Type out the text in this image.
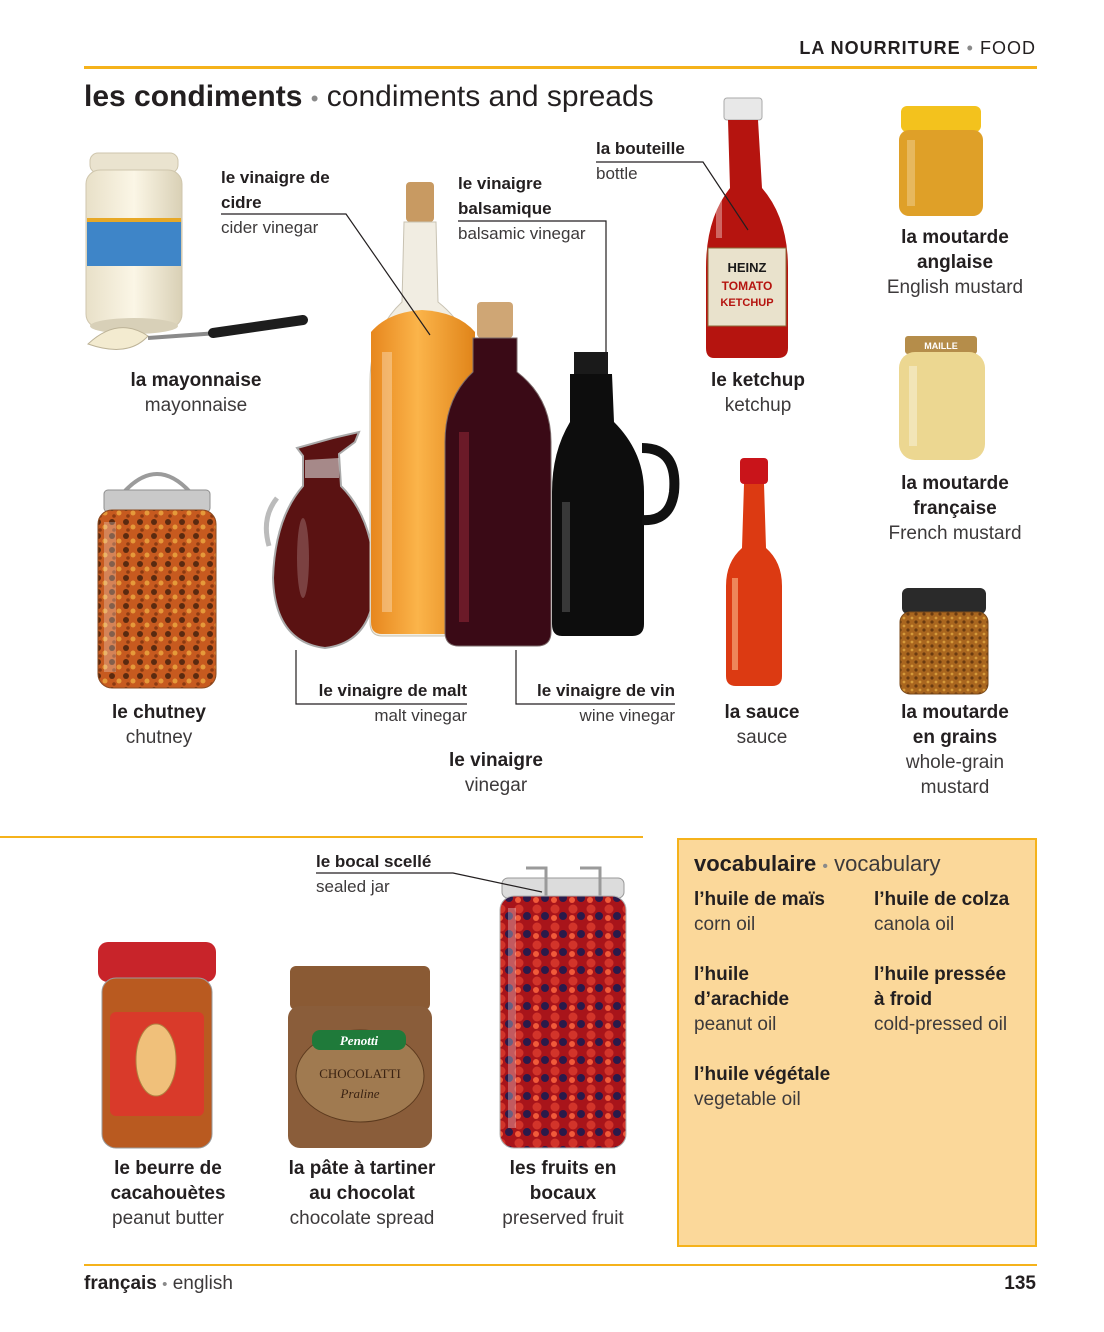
LA NOURRITURE • FOOD
les condiments • condiments and spreads
HEINZ
TOMATO
KETCHUP
MAILLE
Penotti
CHOCOLATTI
Praline
la mayonnaise
mayonnaise
le vinaigre de
cidre
cider vinegar
le vinaigre
balsamique
balsamic vinegar
la bouteille
bottle
le ketchup
ketchup
la moutarde
anglaise
English mustard
la moutarde
française
French mustard
le chutney
chutney
le vinaigre de malt
malt vinegar
le vinaigre de vin
wine vinegar
le vinaigre
vinegar
la sauce
sauce
la moutarde
en grains
whole-grain
mustard
le bocal scellé
sealed jar
le beurre de
cacahouètes
peanut butter
la pâte à tartiner
au chocolat
chocolate spread
les fruits en
bocaux
preserved fruit
vocabulaire • vocabulary
l’huile de maïs
corn oil
l’huile de colza
canola oil
l’huile
d’arachide
peanut oil
l’huile pressée
à froid
cold-pressed oil
l’huile végétale
vegetable oil
français • english	135
